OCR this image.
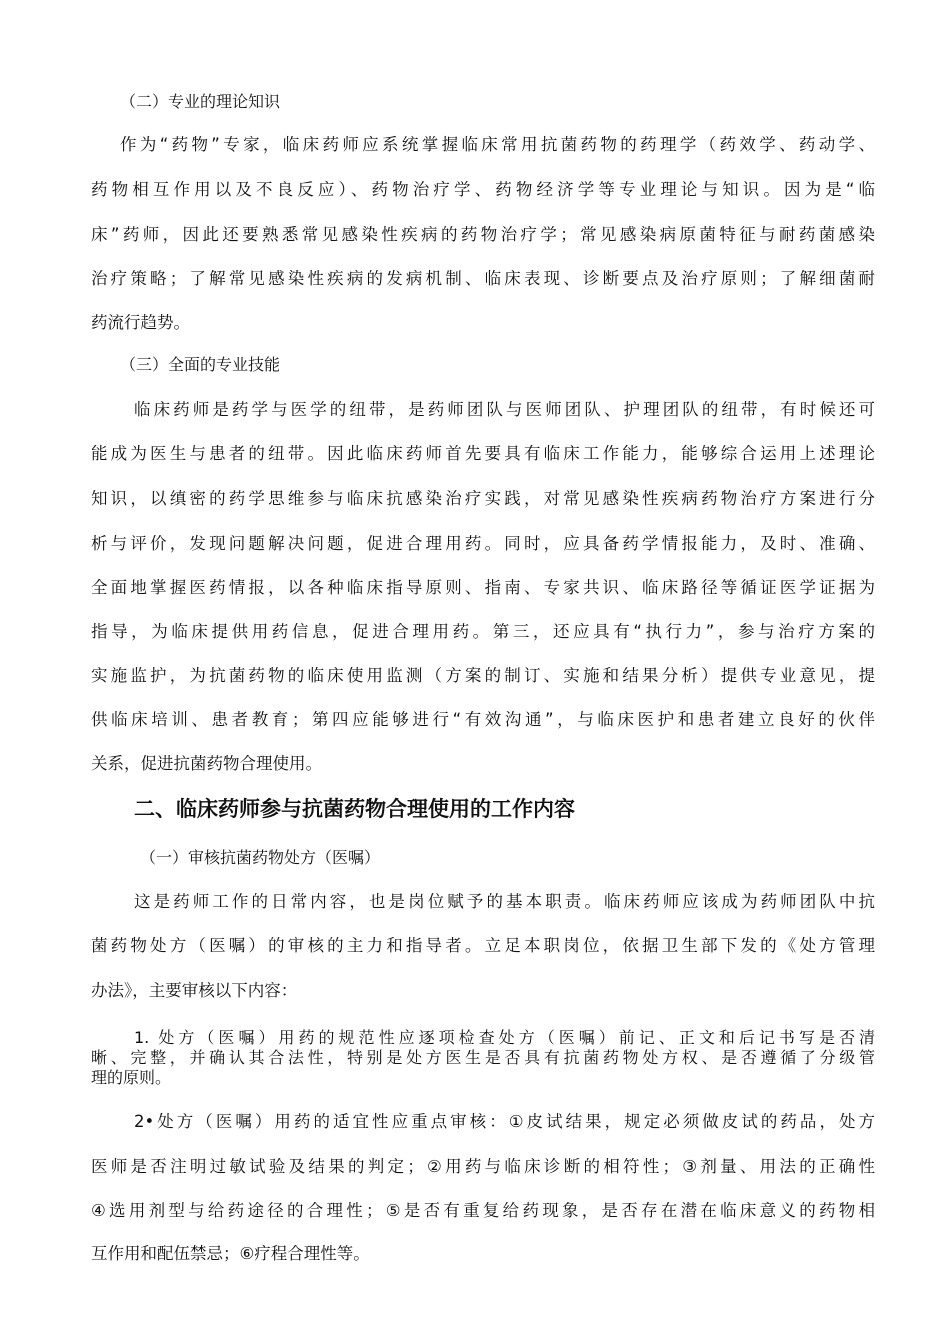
（二）专业的理论知识
作为“药物”专家，临床药师应系统掌握临床常用抗菌药物的药理学（药效学、药动学、
药物相互作用以及不良反应）、药物治疗学、药物经济学等专业理论与知识。因为是“临
床”药师，因此还要熟悉常见感染性疾病的药物治疗学；常见感染病原菌特征与耐药菌感染
治疗策略；了解常见感染性疾病的发病机制、临床表现、诊断要点及治疗原则；了解细菌耐
药流行趋势。
（三）全面的专业技能
临床药师是药学与医学的纽带，是药师团队与医师团队、护理团队的纽带，有时候还可
能成为医生与患者的纽带。因此临床药师首先要具有临床工作能力，能够综合运用上述理论
知识，以缜密的药学思维参与临床抗感染治疗实践，对常见感染性疾病药物治疗方案进行分
析与评价，发现问题解决问题，促进合理用药。同时，应具备药学情报能力，及时、准确、
全面地掌握医药情报，以各种临床指导原则、指南、专家共识、临床路径等循证医学证据为
指导，为临床提供用药信息，促进合理用药。第三，还应具有“执行力”，参与治疗方案的
实施监护，为抗菌药物的临床使用监测（方案的制订、实施和结果分析）提供专业意见，提
供临床培训、患者教育；第四应能够进行“有效沟通”，与临床医护和患者建立良好的伙伴
关系，促进抗菌药物合理使用。
二、临床药师参与抗菌药物合理使用的工作内容
（一）审核抗菌药物处方（医嘱）
这是药师工作的日常内容，也是岗位赋予的基本职责。临床药师应该成为药师团队中抗
菌药物处方（医嘱）的审核的主力和指导者。立足本职岗位，依据卫生部下发的《处方管理
办法》，主要审核以下内容：
1. 处方（医嘱）用药的规范性应逐项检查处方（医嘱）前记、正文和后记书写是否清
晰、完整，并确认其合法性，特别是处方医生是否具有抗菌药物处方权、是否遵循了分级管
理的原则。
2•处方（医嘱）用药的适宜性应重点审核：①皮试结果，规定必须做皮试的药品，处方
医师是否注明过敏试验及结果的判定；②用药与临床诊断的相符性；③剂量、用法的正确性
④选用剂型与给药途径的合理性；⑤是否有重复给药现象，是否存在潜在临床意义的药物相
互作用和配伍禁忌；⑥疗程合理性等。
